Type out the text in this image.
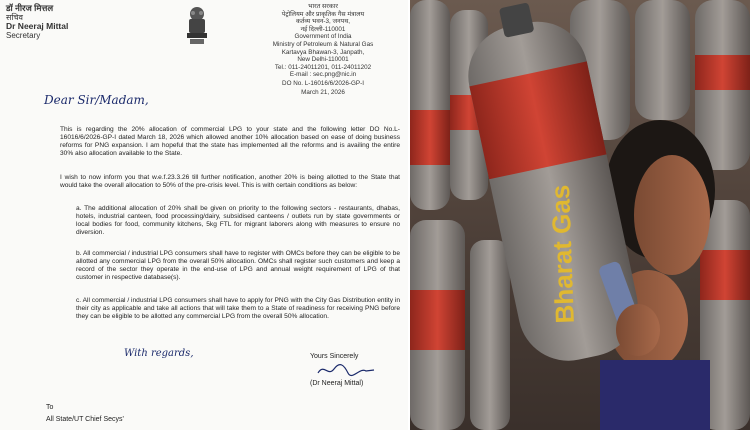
डॉ नीरज मित्तल
सचिव
Dr Neeraj Mittal
Secretary
भारत सरकार
पेट्रोलियम और प्राकृतिक गैस मंत्रालय
कर्तव्य भवन-3, जनपथ,
नई दिल्ली-110001
Government of India
Ministry of Petroleum & Natural Gas
Kartavya Bhawan-3, Janpath,
New Delhi-110001
Tel.: 011-24011201, 011-24011202
E-mail : sec.png@nic.in
DO No. L-16016/6/2026-GP-I
March 21, 2026
Dear Sir/Madam,
This is regarding the 20% allocation of commercial LPG to your state and the following letter DO No.L-16016/6/2026-GP-I dated March 18, 2026 which allowed another 10% allocation based on ease of doing business reforms for PNG expansion. I am hopeful that the state has implemented all the reforms and is availing the entire 30% also allocation available to the State.
I wish to now inform you that w.e.f.23.3.26 till further notification, another 20% is being allotted to the State that would take the overall allocation to 50% of the pre-crisis level. This is with certain conditions as below:
a. The additional allocation of 20% shall be given on priority to the following sectors - restaurants, dhabas, hotels, industrial canteen, food processing/dairy, subsidised canteens / outlets run by state governments or local bodies for food, community kitchens, 5kg FTL for migrant laborers along with measures to ensure no diversion.
b. All commercial / industrial LPG consumers shall have to register with OMCs before they can be eligible to be allotted any commercial LPG from the overall 50% allocation. OMCs shall register such customers and keep a record of the sector they operate in the end-use of LPG and annual weight requirement of LPG of that customer in respective database(s).
c. All commercial / industrial LPG consumers shall have to apply for PNG with the City Gas Distribution entity in their city as applicable and take all actions that will take them to a State of readiness for receiving PNG before they can be eligible to be allotted any commercial LPG from the overall 50% allocation.
With regards,	Yours Sincerely
(Dr Neeraj Mittal)
To
All State/UT Chief Secys'
Bharat Gas
